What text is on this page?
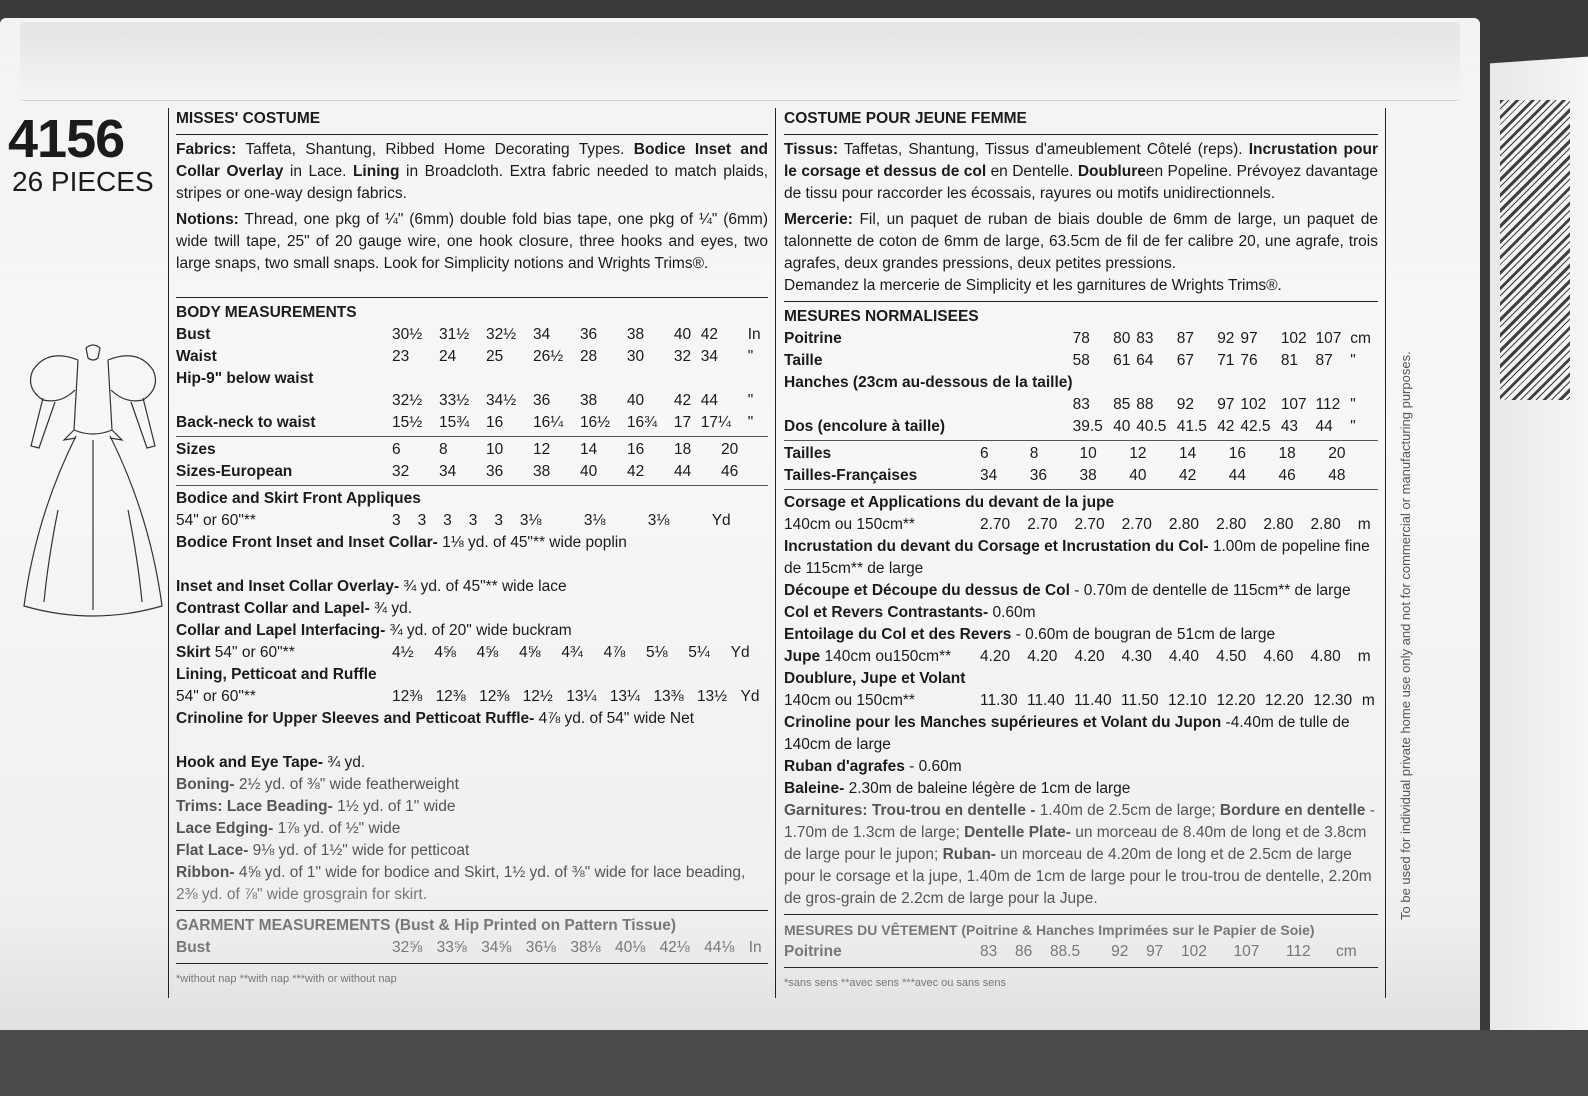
4156
26 PIECES
MISSES' COSTUME

Fabrics: Taffeta, Shantung, Ribbed Home Decorating Types. Bodice Inset and Collar Overlay in Lace. Lining in Broadcloth. Extra fabric needed to match plaids, stripes or one-way design fabrics.

Notions: Thread, one pkg of ¼" (6mm) double fold bias tape, one pkg of ¼" (6mm) wide twill tape, 25" of 20 gauge wire, one hook closure, three hooks and eyes, two large snaps, two small snaps. Look for Simplicity notions and Wrights Trims®.

BODY MEASUREMENTS
Bust	30½	31½	32½	34	36	38	40	42	In
Waist	23	24	25	26½	28	30	32	34	"
Hip-9" below waist									
	32½	33½	34½	36	38	40	42	44	"
Back-neck to waist	15½	15¾	16	16¼	16½	16¾	17	17¼	"
Sizes	6	8	10	12	14	16	18	20
Sizes-European	32	34	36	38	40	42	44	46
Bodice and Skirt Front Appliques
54" or 60"**	3	3	3	3	3	3⅛	3⅛	3⅛	Yd
Bodice Front Inset and Inset Collar- 1⅛ yd. of 45"** wide poplin
Inset and Inset Collar Overlay- ¾ yd. of 45"** wide lace
Contrast Collar and Lapel- ¾ yd.
Collar and Lapel Interfacing- ¾ yd. of 20" wide buckram
Skirt 54" or 60"**	4½	4⅝	4⅝	4⅝	4¾	4⅞	5⅛	5¼	Yd
Lining, Petticoat and Ruffle
54" or 60"**	12⅜	12⅜	12⅜	12½	13¼	13¼	13⅜	13½	Yd
Crinoline for Upper Sleeves and Petticoat Ruffle- 4⅞ yd. of 54" wide Net
Hook and Eye Tape- ¾ yd.
Boning- 2½ yd. of ⅜" wide featherweight
Trims: Lace Beading- 1½ yd. of 1" wide
Lace Edging- 1⅞ yd. of ½" wide
Flat Lace- 9⅛ yd. of 1½" wide for petticoat
Ribbon- 4⅝ yd. of 1" wide for bodice and Skirt, 1½ yd. of ⅜" wide for lace beading,
2⅜ yd. of ⅞" wide grosgrain for skirt.
GARMENT MEASUREMENTS (Bust & Hip Printed on Pattern Tissue)
Bust	32⅝	33⅝	34⅝	36⅛	38⅛	40⅛	42⅛	44⅛	In
*without nap **with nap ***with or without nap
COSTUME POUR JEUNE FEMME

Tissus: Taffetas, Shantung, Tissus d'ameublement Côtelé (reps). Incrustation pour le corsage et dessus de col en Dentelle. Doublureen Popeline. Prévoyez davantage de tissu pour raccorder les écossais, rayures ou motifs unidirectionnels.

Mercerie: Fil, un paquet de ruban de biais double de 6mm de large, un paquet de talonnette de coton de 6mm de large, 63.5cm de fil de fer calibre 20, une agrafe, trois agrafes, deux grandes pressions, deux petites pressions.
Demandez la mercerie de Simplicity et les garnitures de Wrights Trims®.

MESURES NORMALISEES
Poitrine	78	80	83	87	92	97	102	107	cm
Taille	58	61	64	67	71	76	81	87	"
Hanches (23cm au-dessous de la taille)									
	83	85	88	92	97	102	107	112	"
Dos (encolure à taille)	39.5	40	40.5	41.5	42	42.5	43	44	"
Tailles	6	8	10	12	14	16	18	20
Tailles-Françaises	34	36	38	40	42	44	46	48
Corsage et Applications du devant de la jupe
140cm ou 150cm**	2.70	2.70	2.70	2.70	2.80	2.80	2.80	2.80	m
Incrustation du devant du Corsage et Incrustation du Col- 1.00m de popeline fine de 115cm** de large
Découpe et Découpe du dessus de Col - 0.70m de dentelle de 115cm** de large
Col et Revers Contrastants- 0.60m
Entoilage du Col et des Revers - 0.60m de bougran de 51cm de large
Jupe 140cm ou150cm**	4.20	4.20	4.20	4.30	4.40	4.50	4.60	4.80	m
Doublure, Jupe et Volant
140cm ou 150cm**	11.30	11.40	11.40	11.50	12.10	12.20	12.20	12.30	m
Crinoline pour les Manches supérieures et Volant du Jupon -4.40m de tulle de 140cm de large
Ruban d'agrafes - 0.60m
Baleine- 2.30m de baleine légère de 1cm de large
Garnitures: Trou-trou en dentelle - 1.40m de 2.5cm de large; Bordure en dentelle - 1.70m de 1.3cm de large; Dentelle Plate- un morceau de 8.40m de long et de 3.8cm de large pour le jupon; Ruban- un morceau de 4.20m de long et de 2.5cm de large pour le corsage et la jupe, 1.40m de 1cm de large pour le trou-trou de dentelle, 2.20m de gros-grain de 2.2cm de large pour la Jupe.
MESURES DU VÊTEMENT (Poitrine & Hanches Imprimées sur le Papier de Soie)
Poitrine	83	86	88.5	92	97	102	107	112	cm
*sans sens **avec sens ***avec ou sans sens
To be used for individual private home use only and not for commercial or manufacturing purposes.
